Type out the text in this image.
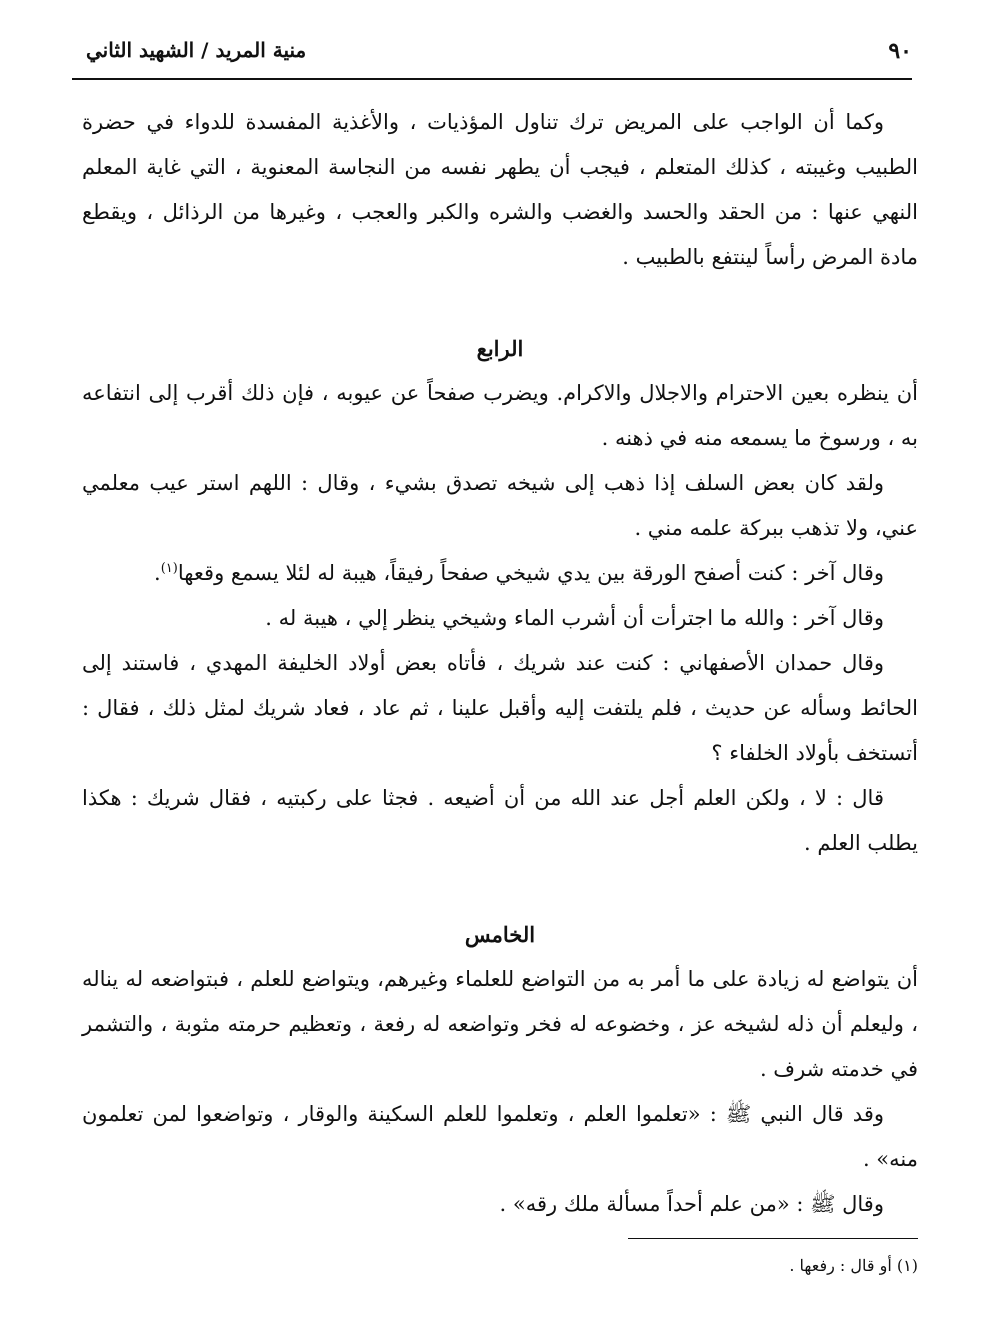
٩٠
منية المريد / الشهيد الثاني

وكما أن الواجب على المريض ترك تناول المؤذيات ، والأغذية المفسدة للدواء في حضرة الطبيب وغيبته ، كذلك المتعلم ، فيجب أن يطهر نفسه من النجاسة المعنوية ، التي غاية المعلم النهي عنها : من الحقد والحسد والغضب والشره والكبر والعجب ، وغيرها من الرذائل ، ويقطع مادة المرض رأساً لينتفع بالطبيب .

الرابع

أن ينظره بعين الاحترام والاجلال والاكرام. ويضرب صفحاً عن عيوبه ، فإن ذلك أقرب إلى انتفاعه به ، ورسوخ ما يسمعه منه في ذهنه .

ولقد كان بعض السلف إذا ذهب إلى شيخه تصدق بشيء ، وقال : اللهم استر عيب معلمي عني، ولا تذهب ببركة علمه مني .

وقال آخر : كنت أصفح الورقة بين يدي شيخي صفحاً رفيقاً، هيبة له لئلا يسمع وقعها$^{(١)}$.

وقال آخر : والله ما اجترأت أن أشرب الماء وشيخي ينظر إلي ، هيبة له .

وقال حمدان الأصفهاني : كنت عند شريك ، فأتاه بعض أولاد الخليفة المهدي ، فاستند إلى الحائط وسأله عن حديث ، فلم يلتفت إليه وأقبل علينا ، ثم عاد ، فعاد شريك لمثل ذلك ، فقال : أتستخف بأولاد الخلفاء ؟

قال : لا ، ولكن العلم أجل عند الله من أن أضيعه . فجثا على ركبتيه ، فقال شريك : هكذا يطلب العلم .

الخامس

أن يتواضع له زيادة على ما أمر به من التواضع للعلماء وغيرهم، ويتواضع للعلم ، فبتواضعه له يناله ، وليعلم أن ذله لشيخه عز ، وخضوعه له فخر وتواضعه له رفعة ، وتعظيم حرمته مثوبة ، والتشمر في خدمته شرف .

وقد قال النبي ﷺ : «تعلموا العلم ، وتعلموا للعلم السكينة والوقار ، وتواضعوا لمن تعلمون منه» .

وقال ﷺ : «من علم أحداً مسألة ملك رقه» .

(١) أو قال : رفعها .
